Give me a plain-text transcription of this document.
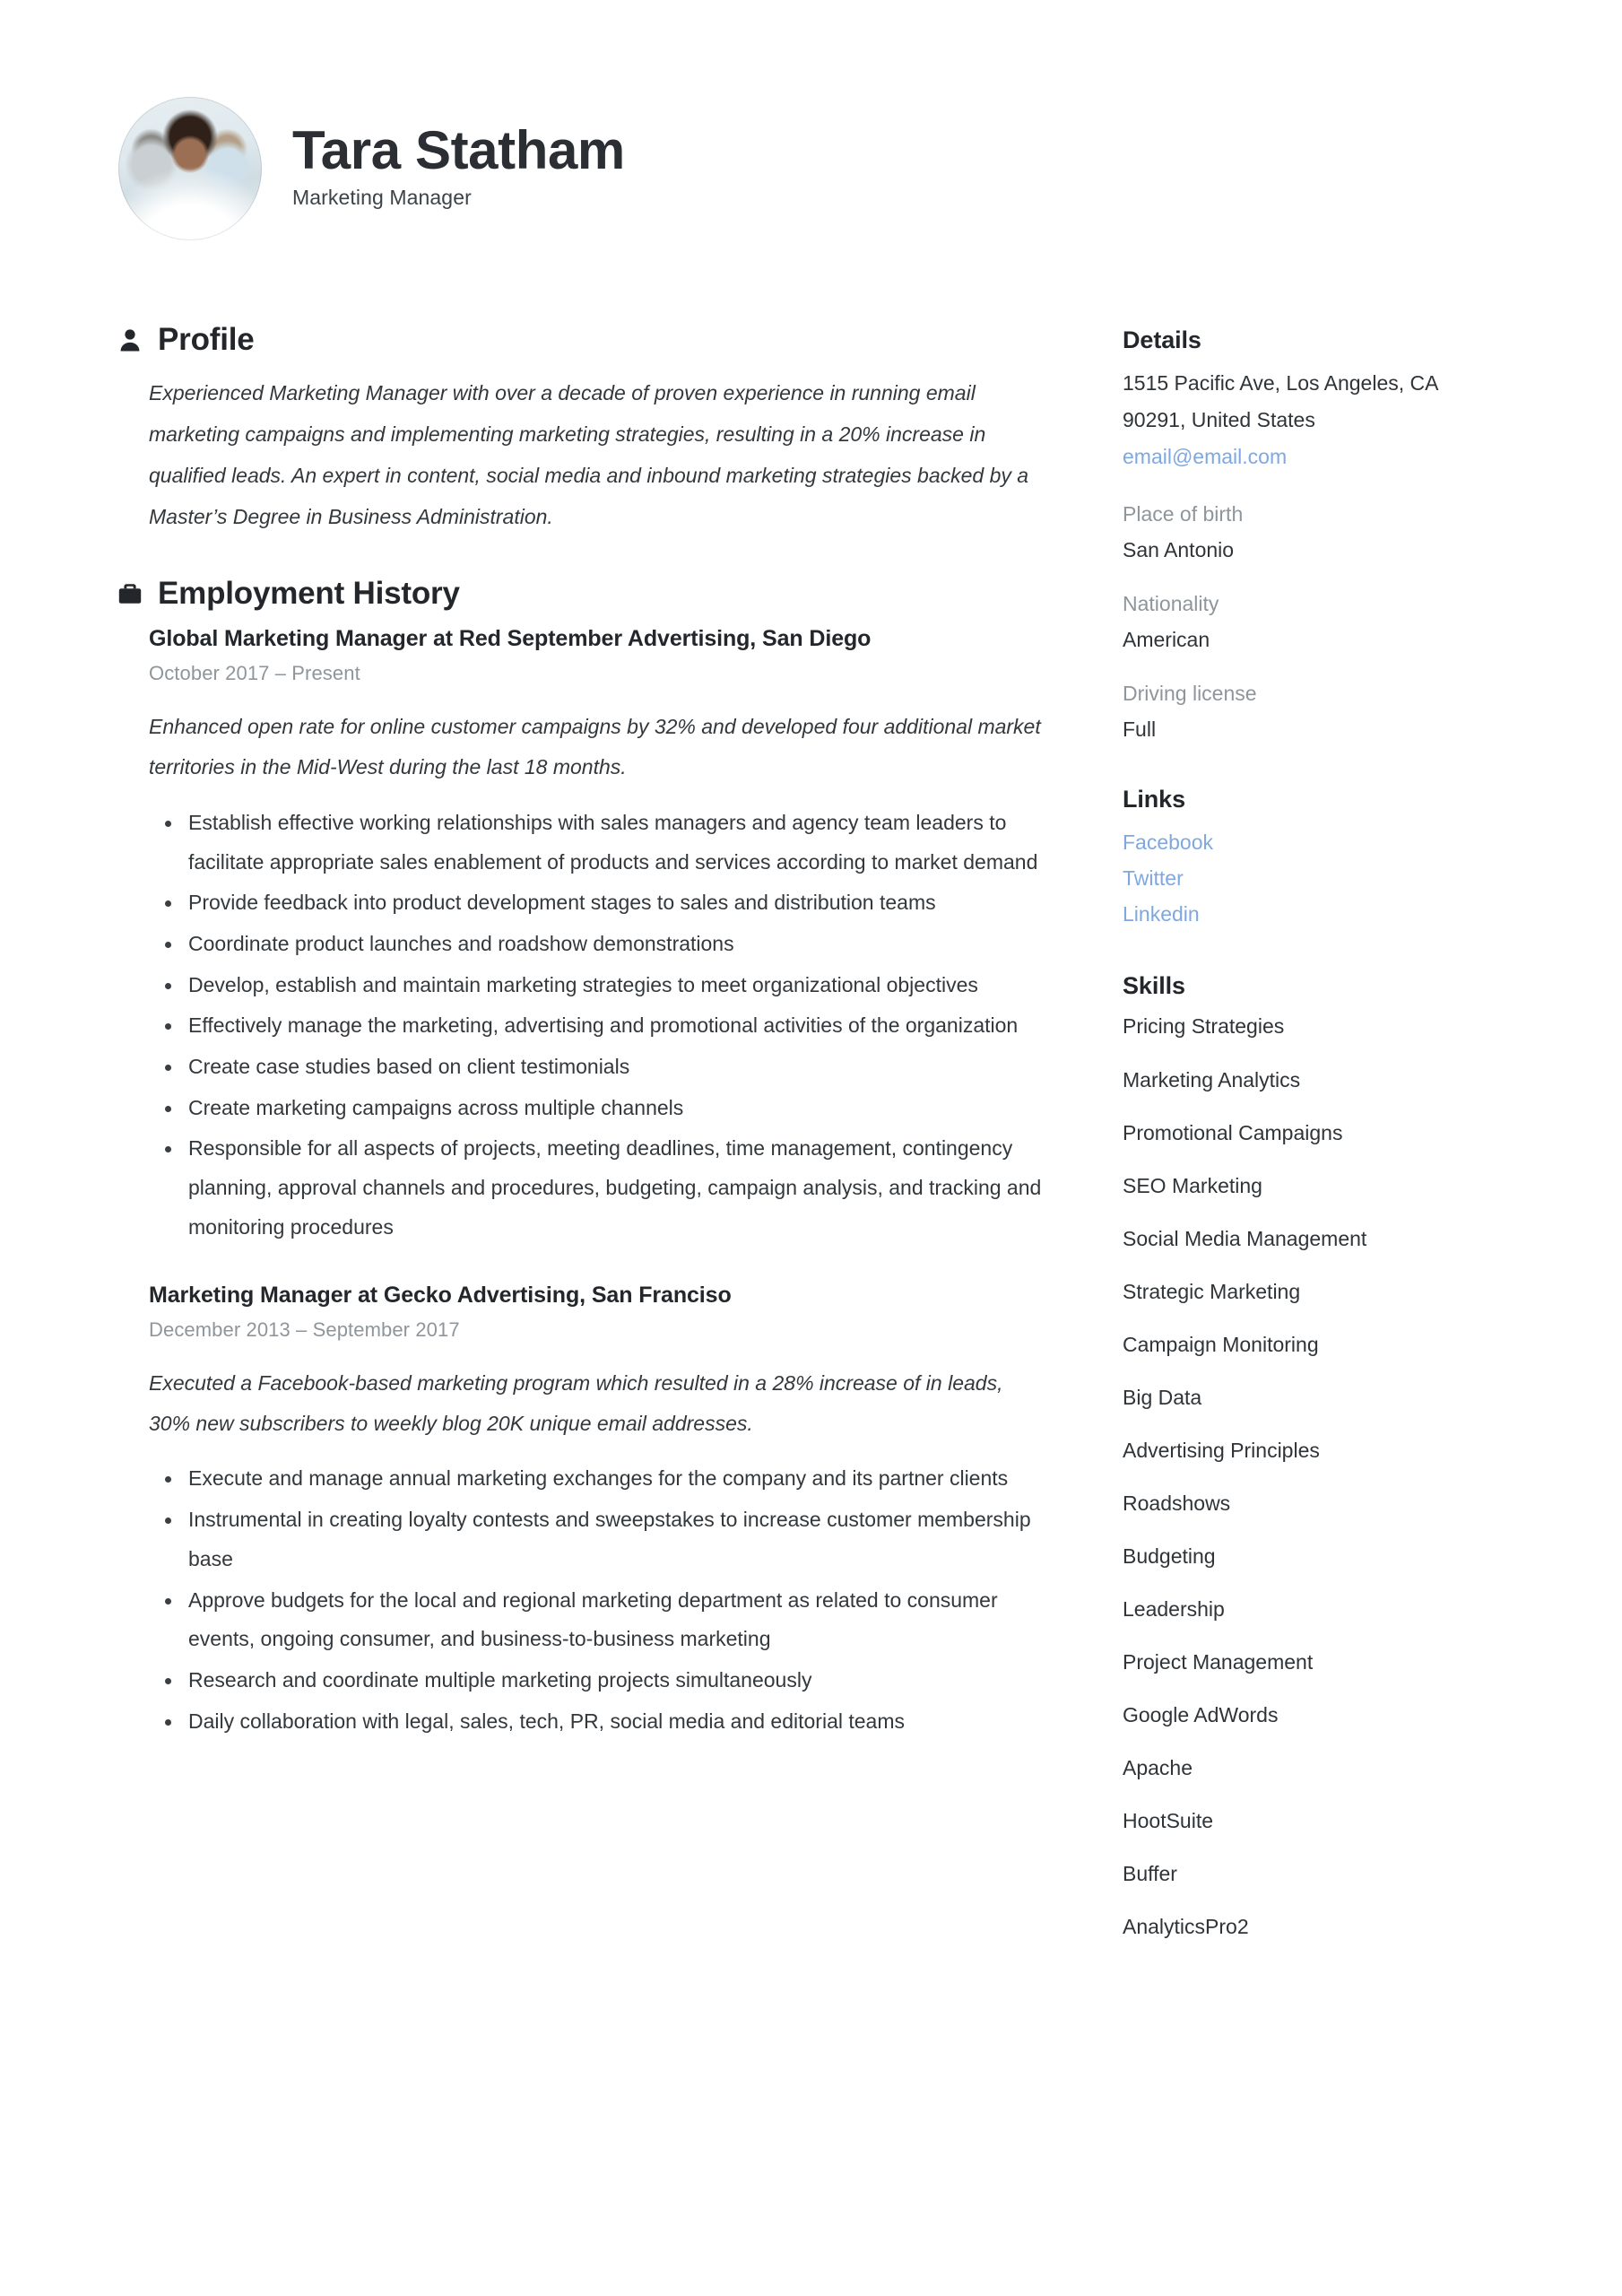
Tara Statham

Marketing Manager

Profile

Experienced Marketing Manager with over a decade of proven experience in running email marketing campaigns and implementing marketing strategies, resulting in a 20% increase in qualified leads. An expert in content, social media and inbound marketing strategies backed by a Master’s Degree in Business Administration.

Employment History
Global Marketing Manager at Red September Advertising, San Diego

October 2017 – Present

Enhanced open rate for online customer campaigns by 32% and developed four additional market territories in the Mid-West during the last 18 months.

Establish effective working relationships with sales managers and agency team leaders to facilitate appropriate sales enablement of products and services according to market demand
Provide feedback into product development stages to sales and distribution teams
Coordinate product launches and roadshow demonstrations
Develop, establish and maintain marketing strategies to meet organizational objectives
Effectively manage the marketing, advertising and promotional activities of the organization
Create case studies based on client testimonials
Create marketing campaigns across multiple channels
Responsible for all aspects of projects, meeting deadlines, time management, contingency planning, approval channels and procedures, budgeting, campaign analysis, and tracking and monitoring procedures
Marketing Manager at Gecko Advertising, San Franciso

December 2013 – September 2017

Executed a Facebook-based marketing program which resulted in a 28% increase of in leads, 30% new subscribers to weekly blog 20K unique email addresses.

Execute and manage annual marketing exchanges for the company and its partner clients
Instrumental in creating loyalty contests and sweepstakes to increase customer membership base
Approve budgets for the local and regional marketing department as related to consumer events, ongoing consumer, and business-to-business marketing
Research and coordinate multiple marketing projects simultaneously
Daily collaboration with legal, sales, tech, PR, social media and editorial teams
Details

1515 Pacific Ave, Los Angeles, CA

90291, United States

email@email.com

Place of birth

San Antonio

Nationality

American

Driving license

Full

Links
Facebook
Twitter
Linkedin
Skills
Pricing Strategies
Marketing Analytics
Promotional Campaigns
SEO Marketing
Social Media Management
Strategic Marketing
Campaign Monitoring
Big Data
Advertising Principles
Roadshows
Budgeting
Leadership
Project Management
Google AdWords
Apache
HootSuite
Buffer
AnalyticsPro2
